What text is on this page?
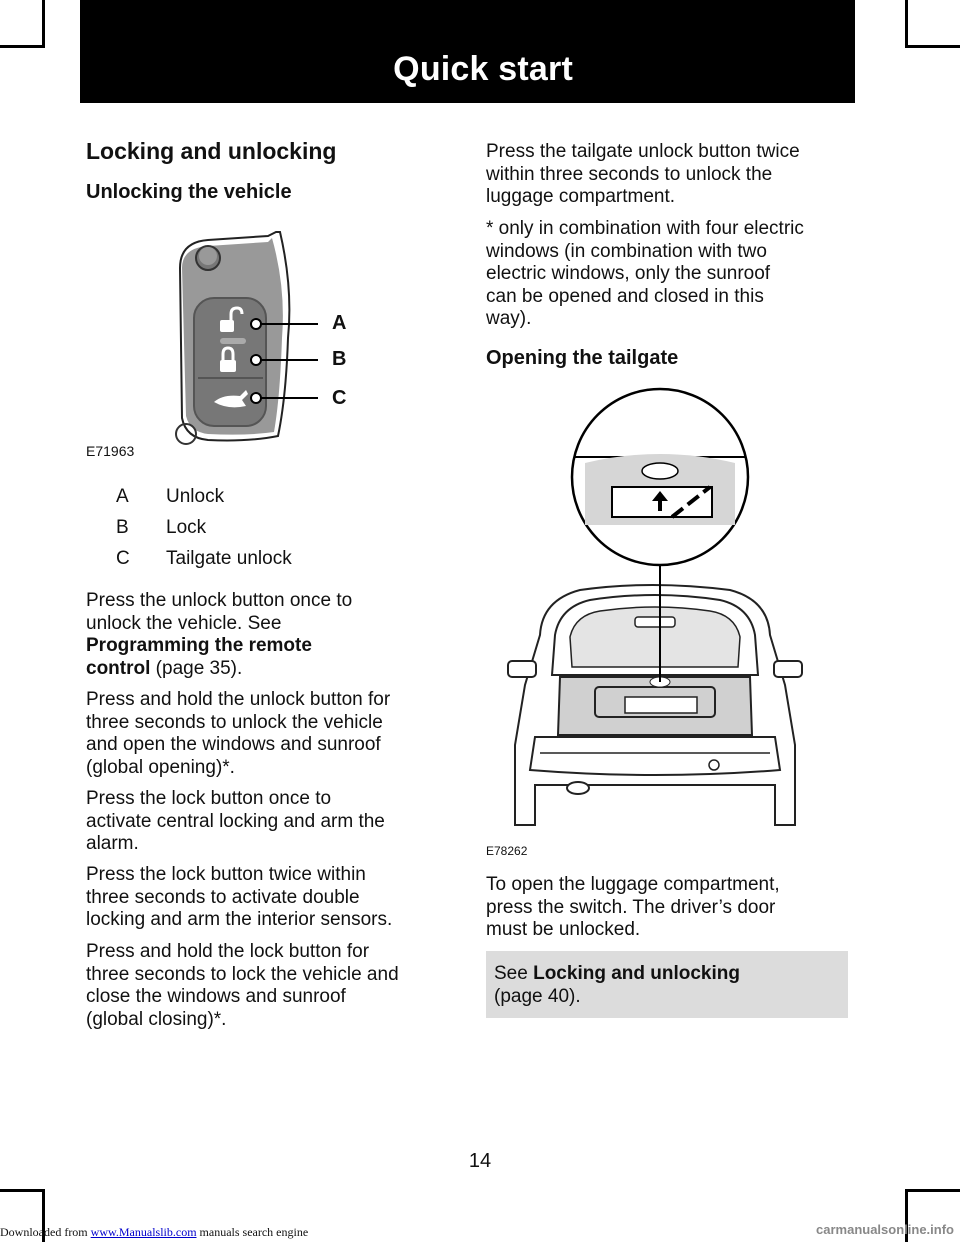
Quick start
Locking and unlocking
Unlocking the vehicle
A
B
C
E71963
A	Unlock
B	Lock
C	Tailgate unlock
Press the unlock button once to
unlock the vehicle. See
Programming the remote
control (page 35).
Press and hold the unlock button for
three seconds to unlock the vehicle
and open the windows and sunroof
(global opening)*.
Press the lock button once to
activate central locking and arm the
alarm.
Press the lock button twice within
three seconds to activate double
locking and arm the interior sensors.
Press and hold the lock button for
three seconds to lock the vehicle and
close the windows and sunroof
(global closing)*.
Press the tailgate unlock button twice
within three seconds to unlock the
luggage compartment.
* only in combination with four electric
windows (in combination with two
electric windows, only the sunroof
can be opened and closed in this
way).
Opening the tailgate
E78262
To open the luggage compartment,
press the switch. The driver’s door
must be unlocked.
See Locking and unlocking
(page 40).
14
Downloaded from www.Manualslib.com manuals search engine	carmanualsonline.info
